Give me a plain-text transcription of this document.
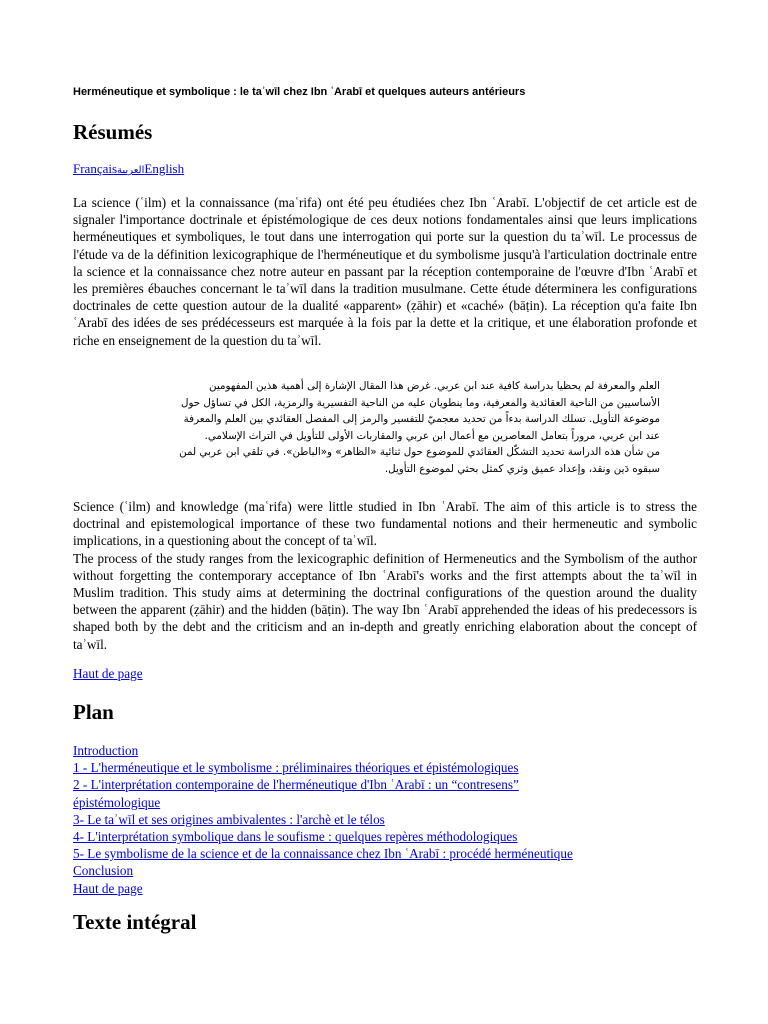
Herméneutique et symbolique : le taʾwīl chez Ibn ʿArabī et quelques auteurs antérieurs
Résumés
FrançaisالعربيةEnglish

La science (ʿilm) et la connaissance (maʿrifa) ont été peu étudiées chez Ibn ʿArabī. L'objectif de cet article est de signaler l'importance doctrinale et épistémologique de ces deux notions fondamentales ainsi que leurs implications herméneutiques et symboliques, le tout dans une interrogation qui porte sur la question du taʾwīl. Le processus de l'étude va de la définition lexicographique de l'herméneutique et du symbolisme jusqu'à l'articulation doctrinale entre la science et la connaissance chez notre auteur en passant par la réception contemporaine de l'œuvre d'Ibn ʿArabī et les premières ébauches concernant le taʾwīl dans la tradition musulmane. Cette étude déterminera les configurations doctrinales de cette question autour de la dualité «apparent» (ẓāhir) et «caché» (bāṭin). La réception qu'a faite Ibn ʿArabī des idées de ses prédécesseurs est marquée à la fois par la dette et la critique, et une élaboration profonde et riche en enseignement de la question du taʾwīl.

العلم والمعرفة لم يحظيا بدراسة كافية عند ابن عربي. غرض هذا المقال الإشارة إلى أهمية هذين المفهومين
الأساسيين من الناحية العقائدية والمعرفية، وما ينطويان عليه من الناحية التفسيرية والرمزية، الكل في تساؤل حول
موضوعة التأويل. تسلك الدراسة بدءاً من تحديد معجميّ للتفسير والرمز إلى المفصل العقائدي بين العلم والمعرفة
عند ابن عربي، مروراً بتعامل المعاصرين مع أعمال ابن عربي والمقاربات الأولى للتأويل في التراث الإسلامي.
من شأن هذه الدراسة تحديد التشكّل العقائدي للموضوع حول ثنائية «الظاهر» و«الباطن». في تلقي ابن عربي لمن
سبقوه دَين ونقد، وإعداد عميق وثري كمثل بحثي لموضوع التأويل.

Science (ʿilm) and knowledge (maʿrifa) were little studied in Ibn ʿArabī. The aim of this article is to stress the doctrinal and epistemological importance of these two fundamental notions and their hermeneutic and symbolic implications, in a questioning about the concept of taʾwīl.

The process of the study ranges from the lexicographic definition of Hermeneutics and the Symbolism of the author without forgetting the contemporary acceptance of Ibn ʿArabī's works and the first attempts about the taʾwīl in Muslim tradition. This study aims at determining the doctrinal configurations of the question around the duality between the apparent (ẓāhir) and the hidden (bāṭin). The way Ibn ʿArabī apprehended the ideas of his predecessors is shaped both by the debt and the criticism and an in-depth and greatly enriching elaboration about the concept of taʾwīl.

Haut de page
Plan
Introduction
1 - L'herméneutique et le symbolisme : préliminaires théoriques et épistémologiques
2 - L'interprétation contemporaine de l'herméneutique d'Ibn ʿArabī : un “contresens”
épistémologique
3- Le taʾwīl et ses origines ambivalentes : l'archè et le télos
4- L'interprétation symbolique dans le soufisme : quelques repères méthodologiques
5- Le symbolisme de la science et de la connaissance chez Ibn ʿArabī : procédé herméneutique
Conclusion
Haut de page
Texte intégral
